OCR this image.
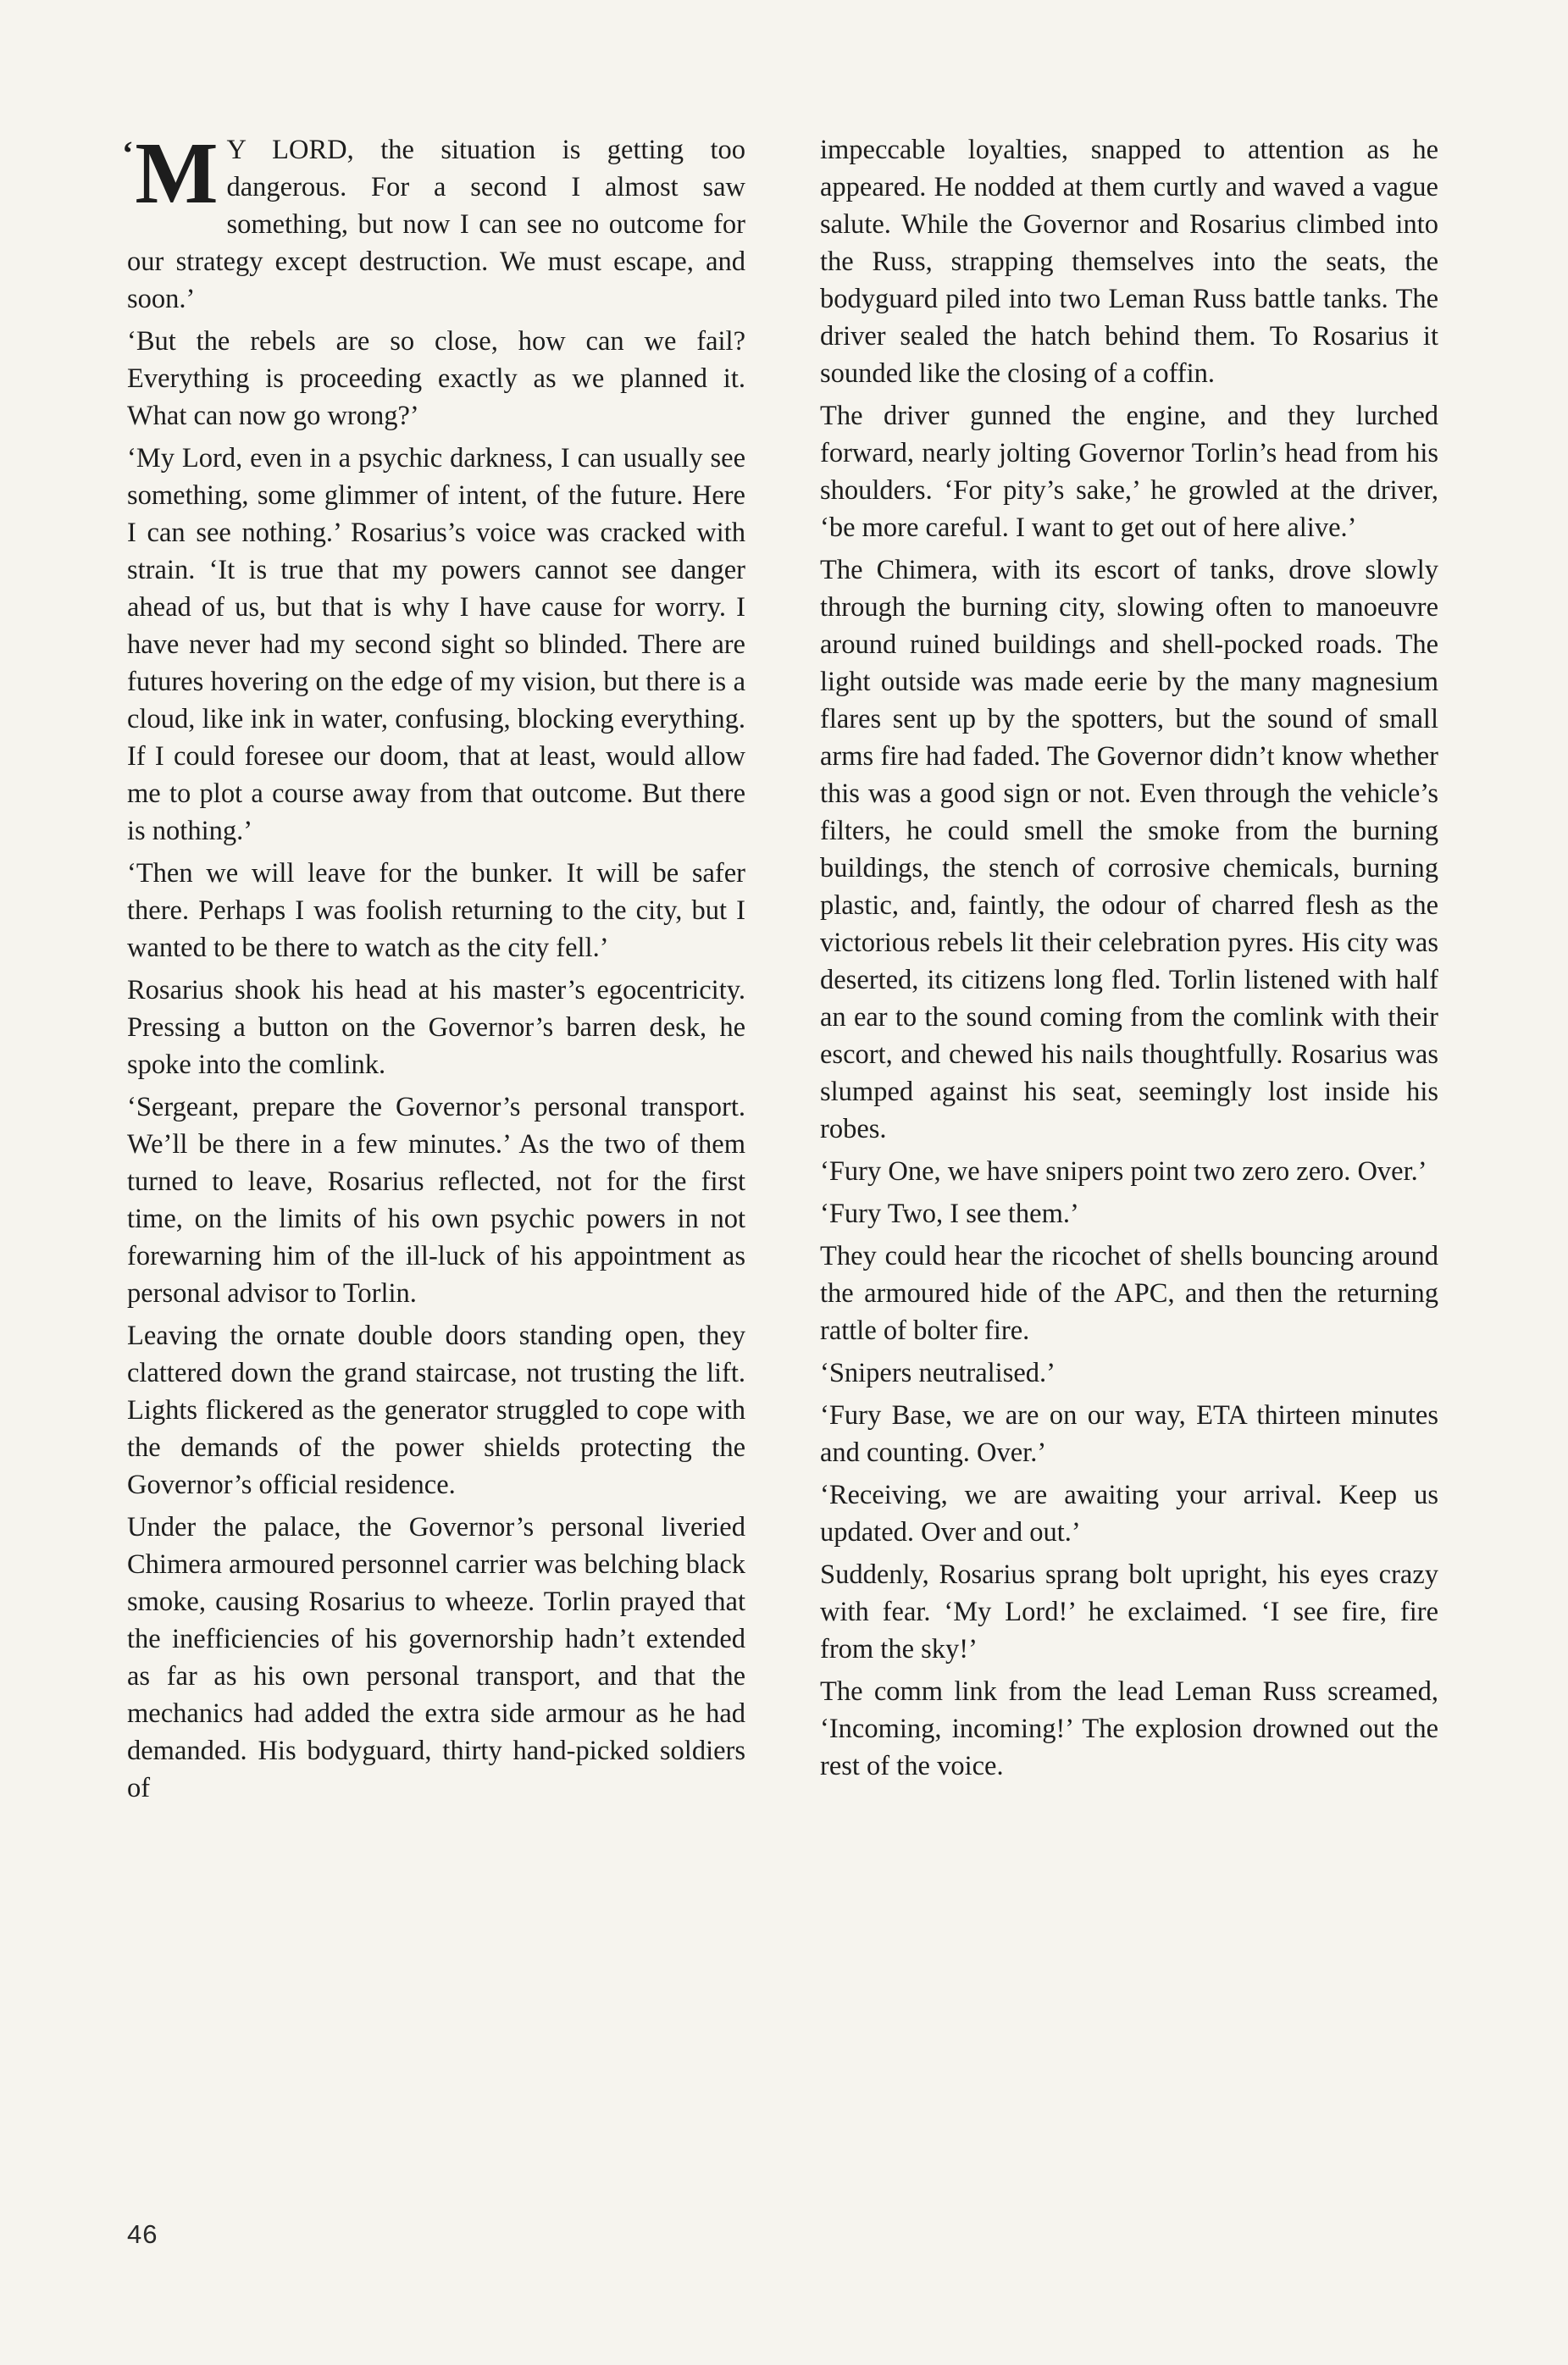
‘ M Y LORD, the situation is getting too dangerous. For a second I almost saw something, but now I can see no outcome for our strategy except destruction. We must escape, and soon.’

‘But the rebels are so close, how can we fail? Everything is proceeding exactly as we planned it. What can now go wrong?’

‘My Lord, even in a psychic darkness, I can usually see something, some glimmer of intent, of the future. Here I can see nothing.’ Rosarius’s voice was cracked with strain. ‘It is true that my powers cannot see danger ahead of us, but that is why I have cause for worry. I have never had my second sight so blinded. There are futures hovering on the edge of my vision, but there is a cloud, like ink in water, confusing, blocking everything. If I could foresee our doom, that at least, would allow me to plot a course away from that outcome. But there is nothing.’

‘Then we will leave for the bunker. It will be safer there. Perhaps I was foolish returning to the city, but I wanted to be there to watch as the city fell.’

Rosarius shook his head at his master’s egocentricity. Pressing a button on the Governor’s barren desk, he spoke into the comlink.

‘Sergeant, prepare the Governor’s personal transport. We’ll be there in a few minutes.’ As the two of them turned to leave, Rosarius reflected, not for the first time, on the limits of his own psychic powers in not forewarning him of the ill-luck of his appointment as personal advisor to Torlin.

Leaving the ornate double doors standing open, they clattered down the grand staircase, not trusting the lift. Lights flickered as the generator struggled to cope with the demands of the power shields protecting the Governor’s official residence.

Under the palace, the Governor’s personal liveried Chimera armoured personnel carrier was belching black smoke, causing Rosarius to wheeze. Torlin prayed that the inefficiencies of his governorship hadn’t extended as far as his own personal transport, and that the mechanics had added the extra side armour as he had demanded. His bodyguard, thirty hand-picked soldiers of

impeccable loyalties, snapped to attention as he appeared. He nodded at them curtly and waved a vague salute. While the Governor and Rosarius climbed into the Russ, strapping themselves into the seats, the bodyguard piled into two Leman Russ battle tanks. The driver sealed the hatch behind them. To Rosarius it sounded like the closing of a coffin.

The driver gunned the engine, and they lurched forward, nearly jolting Governor Torlin’s head from his shoulders. ‘For pity’s sake,’ he growled at the driver, ‘be more careful. I want to get out of here alive.’

The Chimera, with its escort of tanks, drove slowly through the burning city, slowing often to manoeuvre around ruined buildings and shell-pocked roads. The light outside was made eerie by the many magnesium flares sent up by the spotters, but the sound of small arms fire had faded. The Governor didn’t know whether this was a good sign or not. Even through the vehicle’s filters, he could smell the smoke from the burning buildings, the stench of corrosive chemicals, burning plastic, and, faintly, the odour of charred flesh as the victorious rebels lit their celebration pyres. His city was deserted, its citizens long fled. Torlin listened with half an ear to the sound coming from the comlink with their escort, and chewed his nails thoughtfully. Rosarius was slumped against his seat, seemingly lost inside his robes.

‘Fury One, we have snipers point two zero zero. Over.’

‘Fury Two, I see them.’

They could hear the ricochet of shells bouncing around the armoured hide of the APC, and then the returning rattle of bolter fire.

‘Snipers neutralised.’

‘Fury Base, we are on our way, ETA thirteen minutes and counting. Over.’

‘Receiving, we are awaiting your arrival. Keep us updated. Over and out.’

Suddenly, Rosarius sprang bolt upright, his eyes crazy with fear. ‘My Lord!’ he exclaimed. ‘I see fire, fire from the sky!’

The comm link from the lead Leman Russ screamed, ‘Incoming, incoming!’ The explosion drowned out the rest of the voice.

46
